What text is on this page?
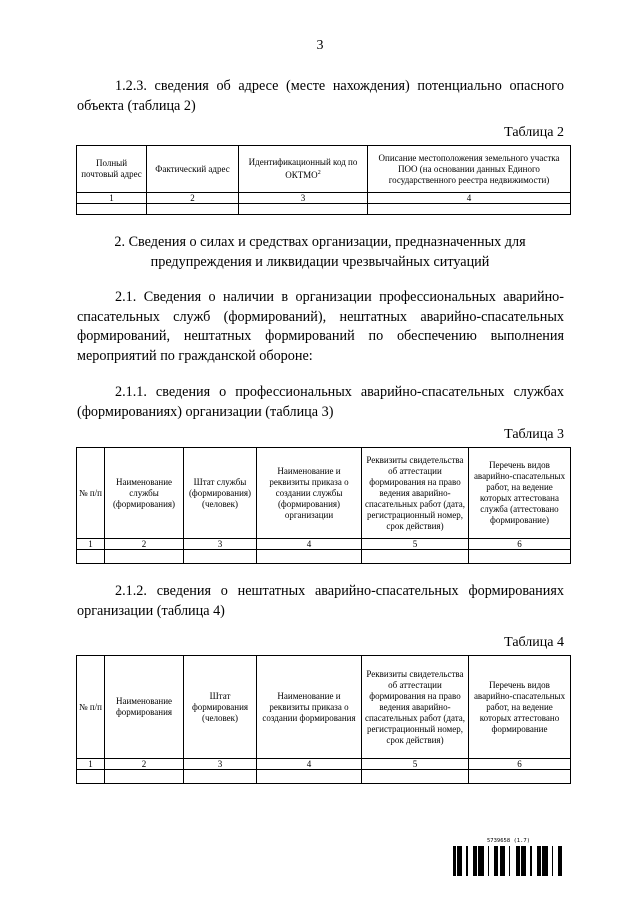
3
1.2.3. сведения об адресе (месте нахождения) потенциально опасного объекта (таблица 2)
Таблица 2
Полный почтовый адрес	Фактический адрес	Идентификационный код по ОКТМО$^2$	Описание местоположения земельного участка ПОО (на основании данных Единого государственного реестра недвижимости)
1	2	3	4

2. Сведения о силах и средствах организации, предназначенных для предупреждения и ликвидации чрезвычайных ситуаций
2.1. Сведения о наличии в организации профессиональных аварийно-спасательных служб (формирований), нештатных аварийно-спасательных формирований, нештатных формирований по обеспечению выполнения мероприятий по гражданской обороне:
2.1.1. сведения о профессиональных аварийно-спасательных службах (формированиях) организации (таблица 3)
Таблица 3
№ п/п	Наименование службы (формирования)	Штат службы (формирования) (человек)	Наименование и реквизиты приказа о создании службы (формирования) организации	Реквизиты свидетельства об аттестации формирования на право ведения аварийно-спасательных работ (дата, регистрационный номер, срок действия)	Перечень видов аварийно-спасательных работ, на ведение которых аттестована служба (аттестовано формирование)
1	2	3	4	5	6

2.1.2. сведения о нештатных аварийно-спасательных формированиях организации (таблица 4)
Таблица 4
№ п/п	Наименование формирования	Штат формирования (человек)	Наименование и реквизиты приказа о создании формирования	Реквизиты свидетельства об аттестации формирования на право ведения аварийно-спасательных работ (дата, регистрационный номер, срок действия)	Перечень видов аварийно-спасательных работ, на ведение которых аттестовано формирование
1	2	3	4	5	6

5739658 (1.7)
